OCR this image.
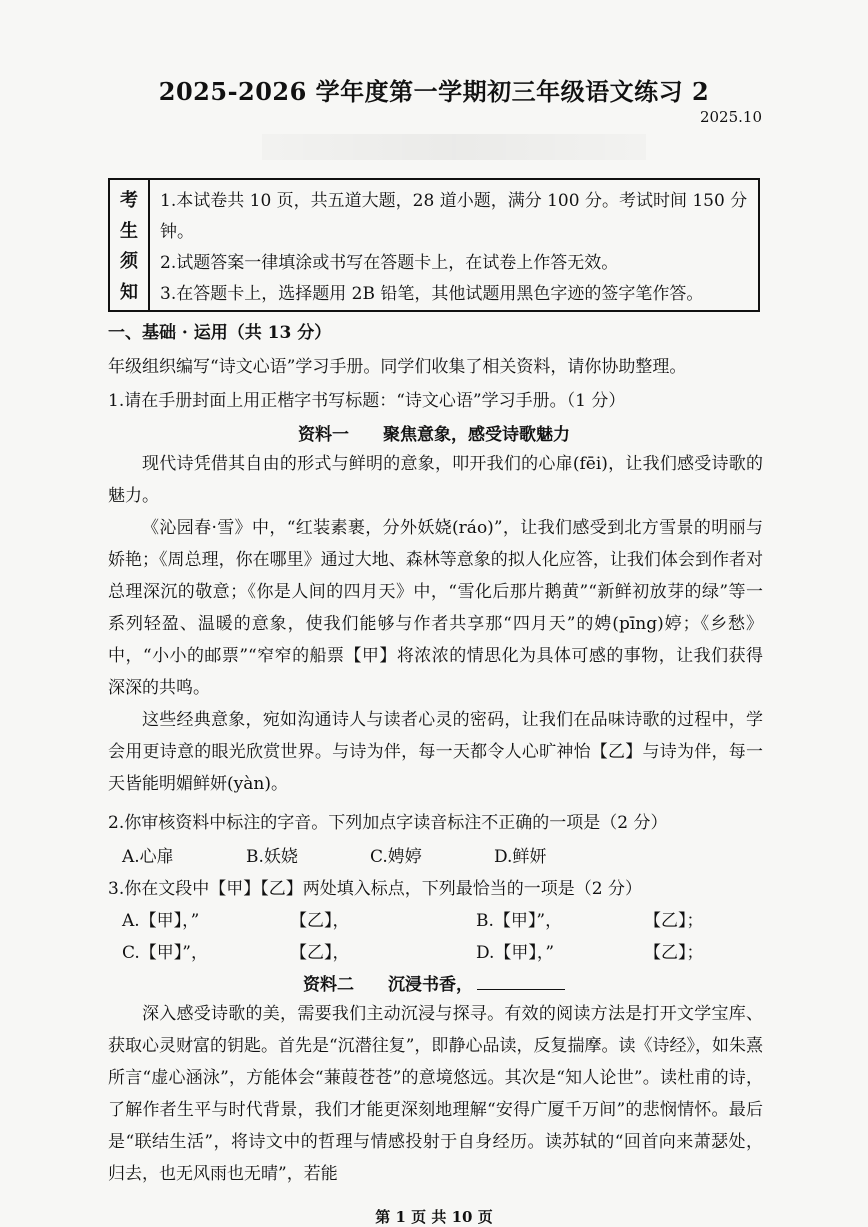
2025-2026 学年度第一学期初三年级语文练习 2
2025.10
考
生
须
知
1.本试卷共 10 页，共五道大题，28 道小题，满分 100 分。考试时间 150 分钟。
2.试题答案一律填涂或书写在答题卡上，在试卷上作答无效。
3.在答题卡上，选择题用 2B 铅笔，其他试题用黑色字迹的签字笔作答。
一、基础 · 运用（共 13 分）
年级组织编写“诗文心语”学习手册。同学们收集了相关资料，请你协助整理。
1.请在手册封面上用正楷字书写标题：“诗文心语”学习手册。（1 分）
资料一　　聚焦意象，感受诗歌魅力
现代诗凭借其自由的形式与鲜明的意象，叩开我们的心扉(fēi)，让我们感受诗歌的魅力。
《沁园春·雪》中，“红装素裹，分外妖娆(ráo)”，让我们感受到北方雪景的明丽与娇艳；《周总理，你在哪里》通过大地、森林等意象的拟人化应答，让我们体会到作者对总理深沉的敬意；《你是人间的四月天》中，“雪化后那片鹅黄”“新鲜初放芽的绿”等一系列轻盈、温暖的意象，使我们能够与作者共享那“四月天”的娉(pīng)婷；《乡愁》中，“小小的邮票”“窄窄的船票【甲】将浓浓的情思化为具体可感的事物，让我们获得深深的共鸣。
这些经典意象，宛如沟通诗人与读者心灵的密码，让我们在品味诗歌的过程中，学会用更诗意的眼光欣赏世界。与诗为伴，每一天都令人心旷神怡【乙】与诗为伴，每一天皆能明媚鲜妍(yàn)。
2.你审核资料中标注的字音。下列加点字读音标注不正确的一项是（2 分）
A.心扉	B.妖娆	C.娉婷	D.鲜妍
3.你在文段中【甲】【乙】两处填入标点，下列最恰当的一项是（2 分）
A.【甲】，”	【乙】，	B.【甲】”，	【乙】；
C.【甲】”，	【乙】，	D.【甲】，”	【乙】；
资料二　　沉浸书香，
深入感受诗歌的美，需要我们主动沉浸与探寻。有效的阅读方法是打开文学宝库、获取心灵财富的钥匙。首先是“沉潜往复”，即静心品读，反复揣摩。读《诗经》，如朱熹所言“虚心涵泳”，方能体会“蒹葭苍苍”的意境悠远。其次是“知人论世”。读杜甫的诗，了解作者生平与时代背景，我们才能更深刻地理解“安得广厦千万间”的悲悯情怀。最后是“联结生活”，将诗文中的哲理与情感投射于自身经历。读苏轼的“回首向来萧瑟处，归去，也无风雨也无晴”，若能
第 1 页 共 10 页
